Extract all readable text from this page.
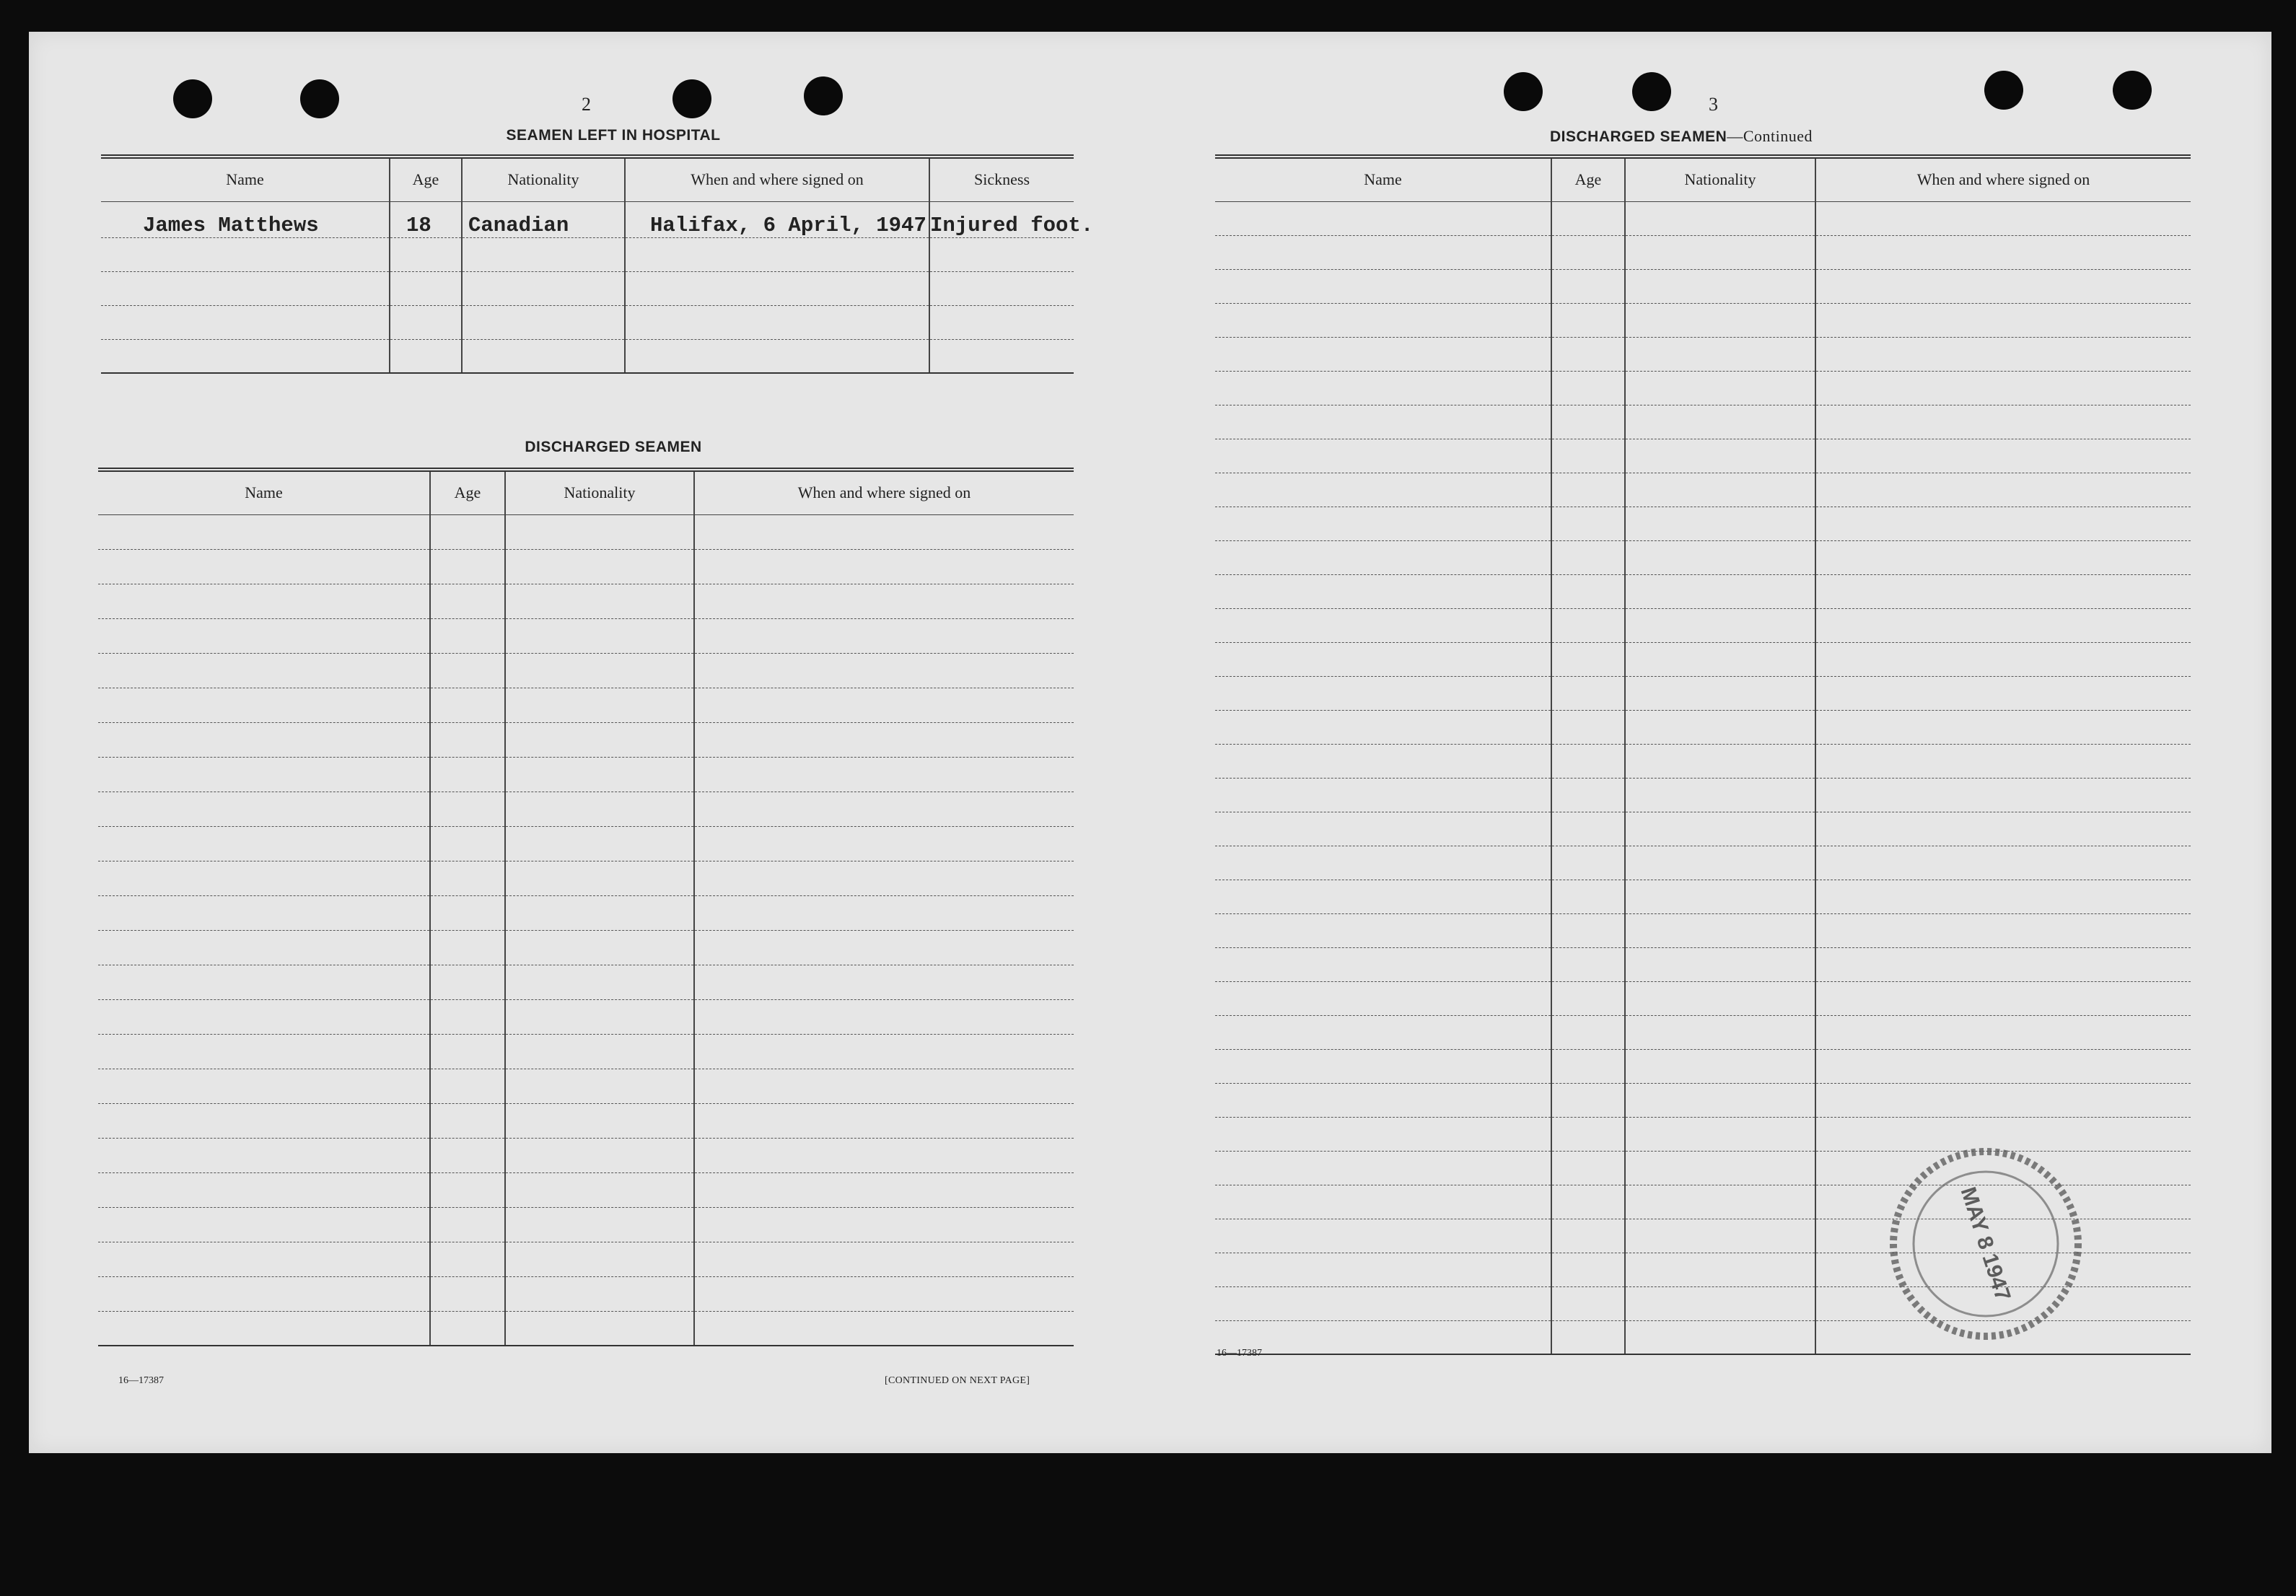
2
SEAMEN LEFT IN HOSPITAL
Name	Age	Nationality	When and where signed on	Sickness
James Matthews	18	Canadian	Halifax, 6 April, 1947	Injured foot.

DISCHARGED SEAMEN
Name	Age	Nationality	When and where signed on

16—17387	[CONTINUED ON NEXT PAGE]
3
DISCHARGED SEAMEN—Continued
Name	Age	Nationality	When and where signed on

16—17387
MAY 8 1947
